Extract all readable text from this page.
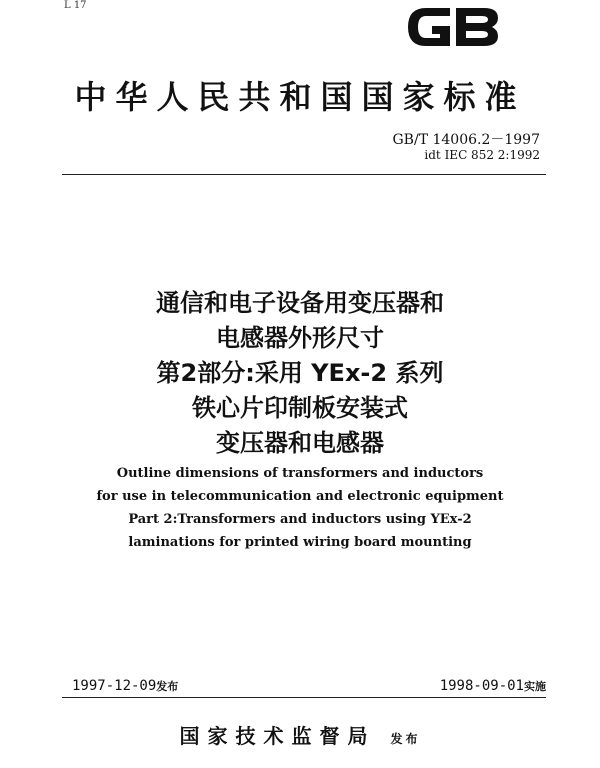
L 17
中华人民共和国国家标准
GB/T 14006.2－1997
idt IEC 852 2:1992
通信和电子设备用变压器和
电感器外形尺寸
第2部分:采用 YEx-2 系列
铁心片印制板安装式
变压器和电感器
Outline dimensions of transformers and inductors
for use in telecommunication and electronic equipment
Part 2:Transformers and inductors using YEx-2
laminations for printed wiring board mounting
1997-12-09发布	1998-09-01实施
国家技术监督局 发布
